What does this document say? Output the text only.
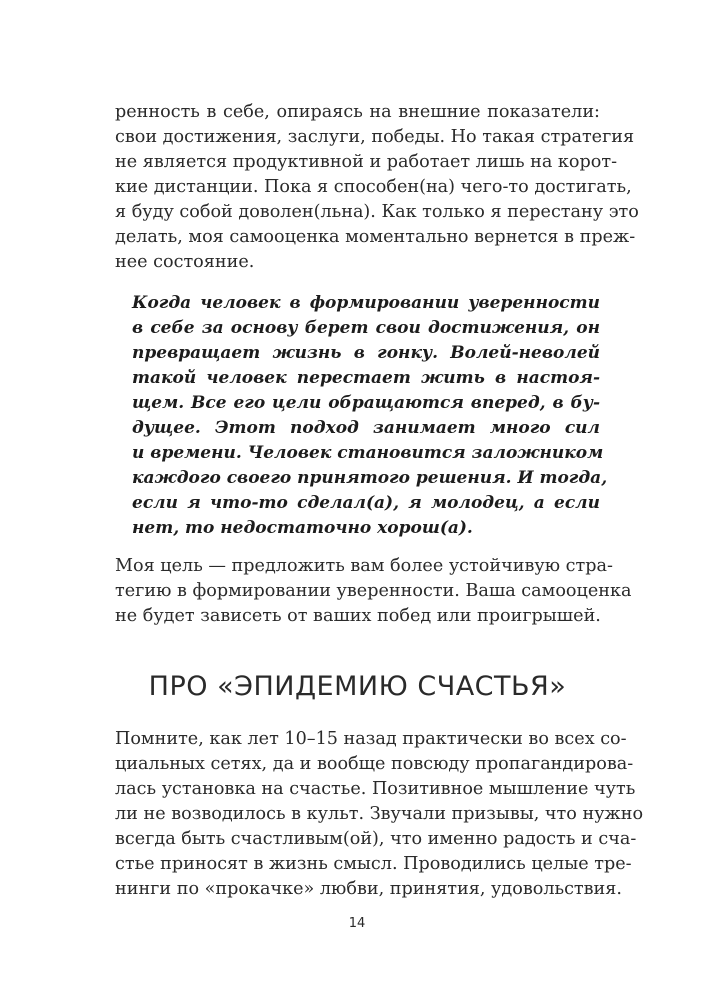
ренность в себе, опираясь на внешние показатели:
свои достижения, заслуги, победы. Но такая стратегия
не является продуктивной и работает лишь на корот-
кие дистанции. Пока я способен(на) чего-то достигать,
я буду собой доволен(льна). Как только я перестану это
делать, моя самооценка моментально вернется в преж-
нее состояние.

Когда человек в формировании уверенности
в себе за основу берет свои достижения, он
превращает жизнь в гонку. Волей-неволей
такой человек перестает жить в настоя-
щем. Все его цели обращаются вперед, в бу-
дущее. Этот подход занимает много сил
и времени. Человек становится заложником
каждого своего принятого решения. И тогда,
если я что-то сделал(а), я молодец, а если
нет, то недостаточно хорош(а).

Моя цель — предложить вам более устойчивую стра-
тегию в формировании уверенности. Ваша самооценка
не будет зависеть от ваших побед или проигрышей.

ПРО «ЭПИДЕМИЮ СЧАСТЬЯ»

Помните, как лет 10–15 назад практически во всех со-
циальных сетях, да и вообще повсюду пропагандирова-
лась установка на счастье. Позитивное мышление чуть
ли не возводилось в культ. Звучали призывы, что нужно
всегда быть счастливым(ой), что именно радость и сча-
стье приносят в жизнь смысл. Проводились целые тре-
нинги по «прокачке» любви, принятия, удовольствия.

14
